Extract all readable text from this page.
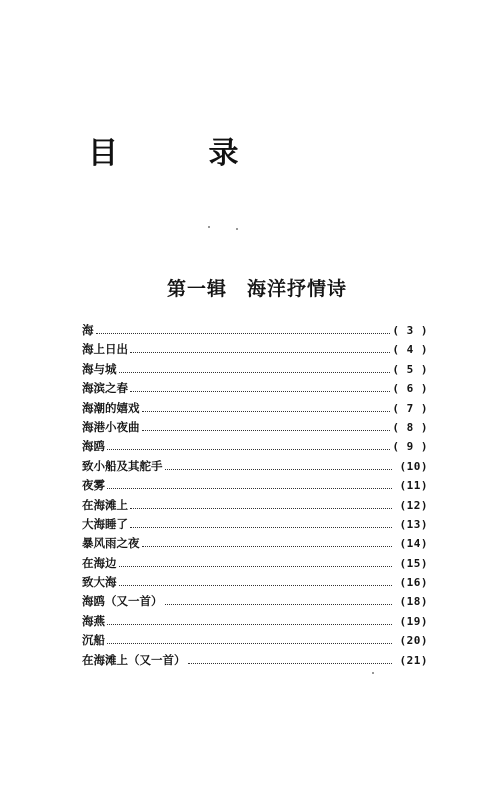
目 录
第一辑　海洋抒情诗
海	( 3 )
海上日出	( 4 )
海与城	( 5 )
海滨之春	( 6 )
海潮的嬉戏	( 7 )
海港小夜曲	( 8 )
海鸥	( 9 )
致小船及其舵手	(10)
夜雾	(11)
在海滩上	(12)
大海睡了	(13)
暴风雨之夜	(14)
在海边	(15)
致大海	(16)
海鸥（又一首）	(18)
海燕	(19)
沉船	(20)
在海滩上（又一首）	(21)
